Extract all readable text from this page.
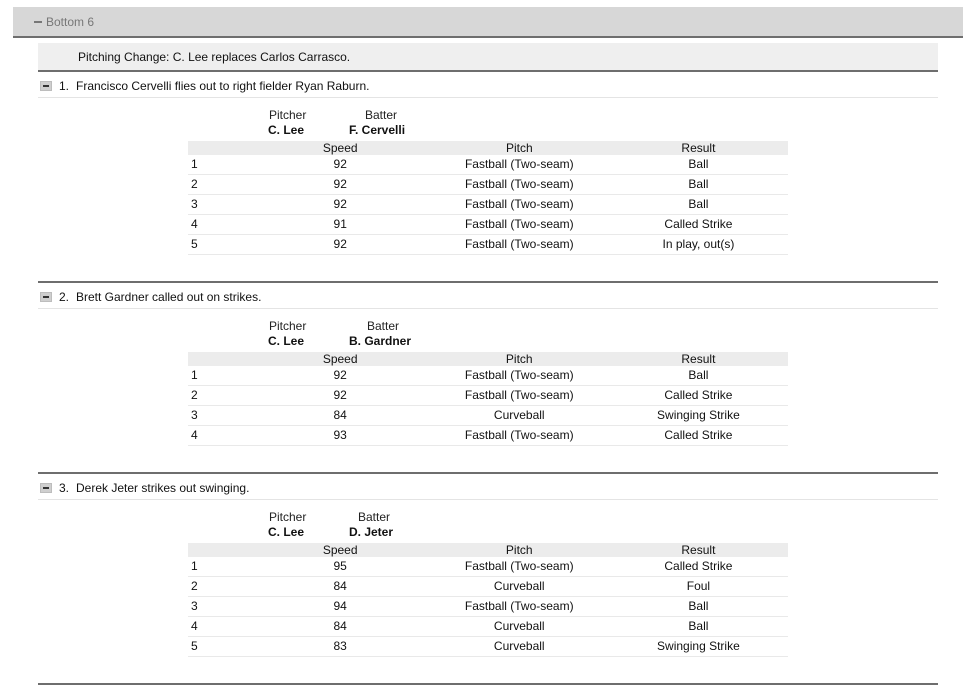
Bottom 6
Pitching Change: C. Lee replaces Carlos Carrasco.
1. Francisco Cervelli flies out to right fielder Ryan Raburn.
Pitcher	Batter
C. Lee	F. Cervelli
	Speed	Pitch	Result	
1	92	Fastball (Two-seam)	Ball	
2	92	Fastball (Two-seam)	Ball	
3	92	Fastball (Two-seam)	Ball	
4	91	Fastball (Two-seam)	Called Strike	
5	92	Fastball (Two-seam)	In play, out(s)	
2. Brett Gardner called out on strikes.
Pitcher	Batter
C. Lee	B. Gardner
	Speed	Pitch	Result	
1	92	Fastball (Two-seam)	Ball	
2	92	Fastball (Two-seam)	Called Strike	
3	84	Curveball	Swinging Strike	
4	93	Fastball (Two-seam)	Called Strike	
3. Derek Jeter strikes out swinging.
Pitcher	Batter
C. Lee	D. Jeter
	Speed	Pitch	Result	
1	95	Fastball (Two-seam)	Called Strike	
2	84	Curveball	Foul	
3	94	Fastball (Two-seam)	Ball	
4	84	Curveball	Ball	
5	83	Curveball	Swinging Strike	
